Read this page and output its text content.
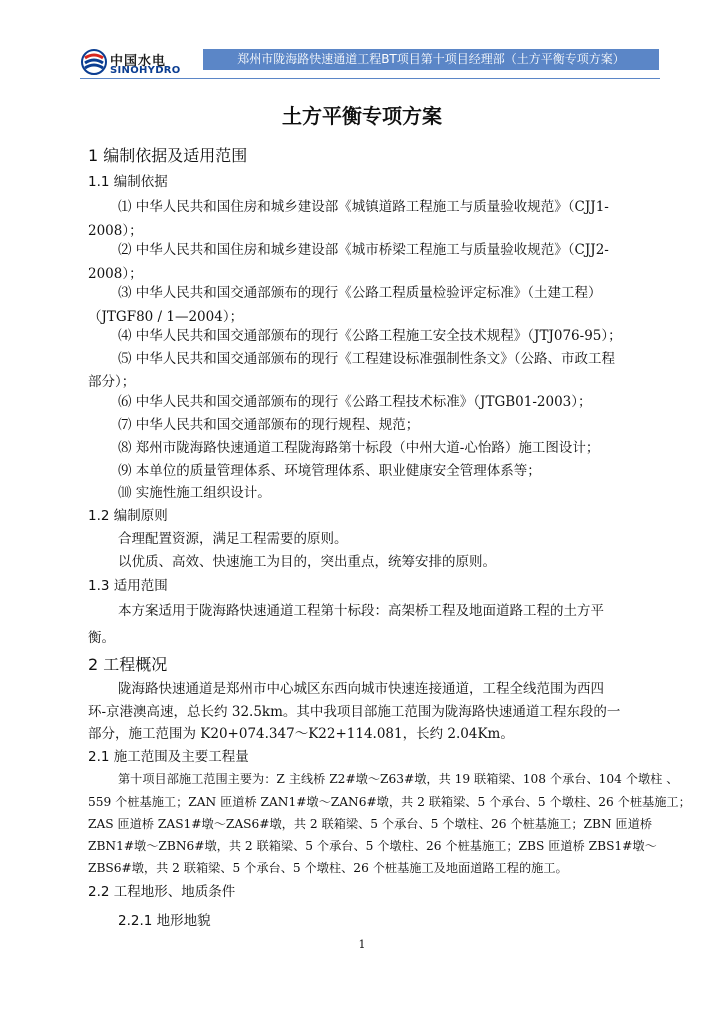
中国水电
SINOHYDRO
郑州市陇海路快速通道工程BT项目第十项目经理部（土方平衡专项方案）
土方平衡专项方案
1 编制依据及适用范围
1.1 编制依据
⑴ 中华人民共和国住房和城乡建设部《城镇道路工程施工与质量验收规范》（CJJ1-
2008）；
⑵ 中华人民共和国住房和城乡建设部《城市桥梁工程施工与质量验收规范》（CJJ2-
2008）；
⑶ 中华人民共和国交通部颁布的现行《公路工程质量检验评定标准》（土建工程）
（JTGF80 / 1—2004）；
⑷ 中华人民共和国交通部颁布的现行《公路工程施工安全技术规程》（JTJ076-95）；
⑸ 中华人民共和国交通部颁布的现行《工程建设标准强制性条文》（公路、市政工程
部分）；
⑹ 中华人民共和国交通部颁布的现行《公路工程技术标准》（JTGB01-2003）；
⑺ 中华人民共和国交通部颁布的现行规程、规范；
⑻ 郑州市陇海路快速通道工程陇海路第十标段（中州大道-心怡路）施工图设计；
⑼ 本单位的质量管理体系、环境管理体系、职业健康安全管理体系等；
⑽ 实施性施工组织设计。
1.2 编制原则
合理配置资源，满足工程需要的原则。
以优质、高效、快速施工为目的，突出重点，统筹安排的原则。
1.3 适用范围
本方案适用于陇海路快速通道工程第十标段：高架桥工程及地面道路工程的土方平
衡。
2 工程概况
陇海路快速通道是郑州市中心城区东西向城市快速连接通道，工程全线范围为西四
环-京港澳高速，总长约 32.5km。其中我项目部施工范围为陇海路快速通道工程东段的一
部分，施工范围为 K20+074.347～K22+114.081，长约 2.04Km。
2.1 施工范围及主要工程量
第十项目部施工范围主要为：Z 主线桥 Z2#墩～Z63#墩，共 19 联箱梁、108 个承台、104 个墩柱 、
559 个桩基施工；ZAN 匝道桥 ZAN1#墩～ZAN6#墩，共 2 联箱梁、5 个承台、5 个墩柱、26 个桩基施工；
ZAS 匝道桥 ZAS1#墩～ZAS6#墩，共 2 联箱梁、5 个承台、5 个墩柱、26 个桩基施工；ZBN 匝道桥
ZBN1#墩～ZBN6#墩，共 2 联箱梁、5 个承台、5 个墩柱、26 个桩基施工；ZBS 匝道桥 ZBS1#墩～
ZBS6#墩，共 2 联箱梁、5 个承台、5 个墩柱、26 个桩基施工及地面道路工程的施工。
2.2 工程地形、地质条件
2.2.1 地形地貌
1
